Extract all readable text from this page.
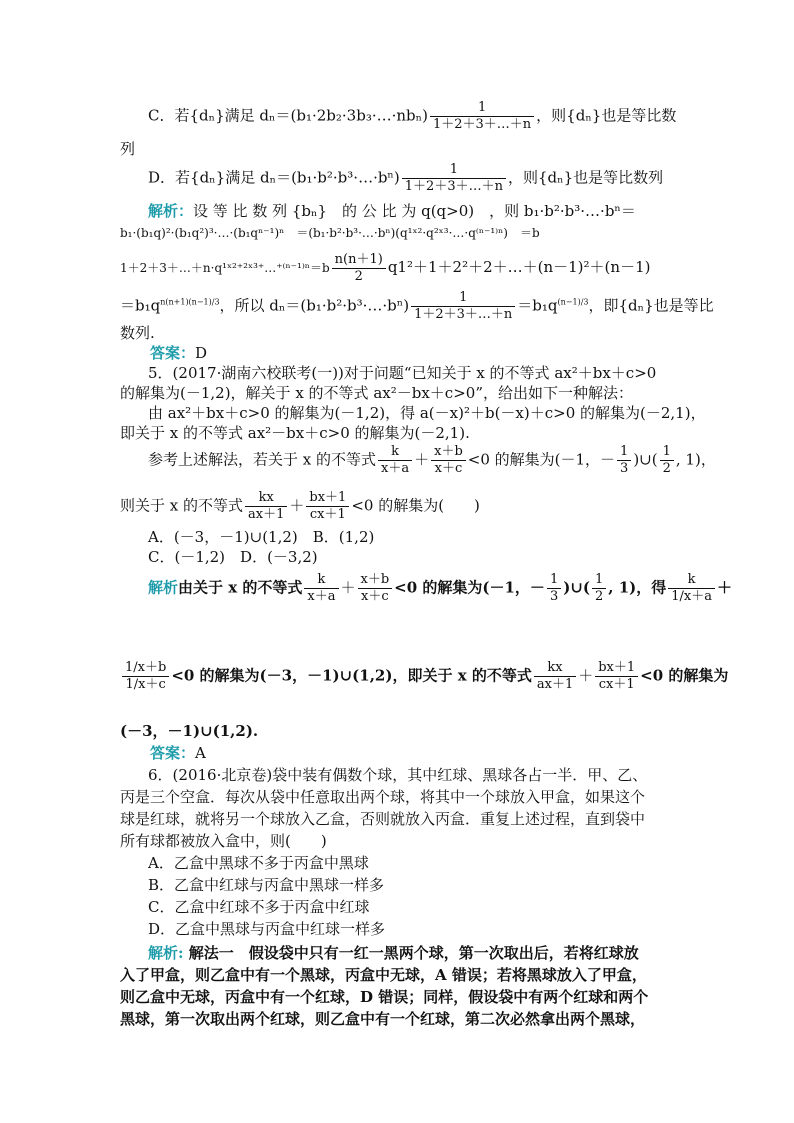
C．若{dₙ}满足 dₙ＝(b₁·2b₂·3b₃·…·nbₙ) $\frac{1}{1+2+3+\dots+n}$ ，则{dₙ}也是等比数
列
D．若{dₙ}满足 dₙ＝(b₁·b²·b³·…·bⁿ) $\frac{1}{1+2+3+\dots+n}$ ，则{dₙ}也是等比数列
解析：设 等 比 数 列 {bₙ}　的 公 比 为 q(q>0)　，则 b₁·b²·b³·…·bⁿ＝
b₁·(b₁q)²·(b₁q²)³·…·(b₁qⁿ⁻¹)ⁿ　＝(b₁·b²·b³·…·bⁿ)(q¹ˣ²·q²ˣ³·…·q⁽ⁿ⁻¹⁾ⁿ)　＝b
1＋2＋3＋…＋n·q¹ˣ²⁺²ˣ³⁺…⁺⁽ⁿ⁻¹⁾ⁿ＝b $\frac{n(n+1)}{2}$ q1²＋1＋2²＋2＋…＋(n－1)²＋(n－1)
$=b_1q^{n(n+1)(n-1)/3}$，所以 dₙ＝(b₁·b²·b³·…·bⁿ) $\frac{1}{1+2+3+\dots+n} =b_1q^{(n-1)/3}$，即{dₙ}也是等比
数列.
答案：D
5．(2017·湖南六校联考(一))对于问题“已知关于 x 的不等式 ax²＋bx＋c>0
的解集为(－1,2)，解关于 x 的不等式 ax²－bx＋c>0”，给出如下一种解法：
由 ax²＋bx＋c>0 的解集为(－1,2)，得 a(－x)²＋b(－x)＋c>0 的解集为(－2,1)，
即关于 x 的不等式 ax²－bx＋c>0 的解集为(－2,1).
参考上述解法，若关于 x 的不等式 $\frac{k}{x+a} + \frac{x+b}{x+c} <0$ 的解集为(－1，－ $\frac{1}{3}$ )∪( $\frac{1}{2}$ , 1)，
则关于 x 的不等式 $\frac{kx}{ax+1} + \frac{bx+1}{cx+1} <0$ 的解集为(　　)
A．(－3，－1)∪(1,2)　B．(1,2)
C．(－1,2)　D．(－3,2)
解析由关于 x 的不等式 $\frac{k}{x+a} + \frac{x+b}{x+c} <0$ 的解集为(－1，－ $\frac{1}{3}$ )∪( $\frac{1}{2}$ , 1)，得 $\frac{k}{1/x+a}$ ＋
$\frac{1/x+b}{1/x+c} <0$ 的解集为(－3，－1)∪(1,2)，即关于 x 的不等式 $\frac{kx}{ax+1} + \frac{bx+1}{cx+1} <0$ 的解集为
(－3，－1)∪(1,2).
答案：A
6．(2016·北京卷)袋中装有偶数个球，其中红球、黑球各占一半．甲、乙、
丙是三个空盒．每次从袋中任意取出两个球，将其中一个球放入甲盒，如果这个
球是红球，就将另一个球放入乙盒，否则就放入丙盒．重复上述过程，直到袋中
所有球都被放入盒中，则(　　)
A．乙盒中黑球不多于丙盒中黑球
B．乙盒中红球与丙盒中黑球一样多
C．乙盒中红球不多于丙盒中红球
D．乙盒中黑球与丙盒中红球一样多
解析: 解法一　假设袋中只有一红一黑两个球，第一次取出后，若将红球放
入了甲盒，则乙盒中有一个黑球，丙盒中无球，A 错误；若将黑球放入了甲盒，
则乙盒中无球，丙盒中有一个红球，D 错误；同样，假设袋中有两个红球和两个
黑球，第一次取出两个红球，则乙盒中有一个红球，第二次必然拿出两个黑球，
